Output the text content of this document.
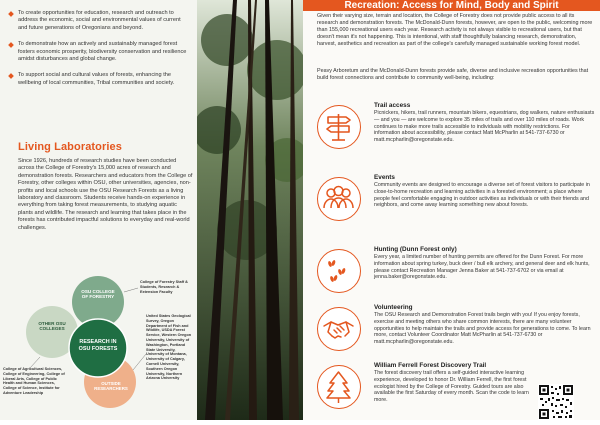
To create opportunities for education, research and outreach to address the economic, social and environmental values of current and future generations of Oregonians and beyond.
To demonstrate how an actively and sustainably managed forest fosters economic prosperity, biodiversity conservation and resilience amidst disturbances and global change.
To support social and cultural values of forests, enhancing the wellbeing of local communities, Tribal communities and society.
Living Laboratories
Since 1926, hundreds of research studies have been conducted across the College of Forestry's 15,000 acres of research and demonstration forests. Researchers and educators from the College of Forestry, other colleges within OSU, other universities, agencies, non-profits and local schools use the OSU Research Forests as a living laboratory and classroom. Students receive hands-on experience in everything from taking forest measurements, to studying aquatic plants and wildlife. The research and learning that takes place in the forests has contributed impactful solutions to everyday and real-world challenges.
OSU COLLEGE OF FORESTRY
OTHER OSU COLLEGES
RESEARCH IN OSU FORESTS
OUTSIDE RESEARCHERS
College of Forestry Staff & Students, Research & Extension Faculty
United States Geological Survey, Oregon Department of Fish and Wildlife, USDA Forest Service, Western Oregon University, University of Washington, Portland State University, University of Montana, University of Calgary, Cornell University, Southern Oregon University, Northern Arizona University
College of Agricultural Sciences, College of Engineering, College of Liberal Arts, College of Public Health and Human Sciences, College of Science, Institute for Adventure Leadership
Recreation: Access for Mind, Body and Spirit
Given their varying size, terrain and location, the College of Forestry does not provide public access to all its research and demonstration forests. The McDonald-Dunn forests, however, are open to the public, welcoming more than 155,000 recreational users each year. Research activity is not always visible to recreational users, but that doesn't mean it's not happening. This is intentional, with staff thoughtfully balancing research, demonstration, harvest, aesthetics and recreation as part of the college's carefully managed sustainable working forest model.
Peavy Arboretum and the McDonald-Dunn forests provide safe, diverse and inclusive recreation opportunities that build forest connections and contribute to community well-being, including:
Trail access
Picnickers, hikers, trail runners, mountain bikers, equestrians, dog walkers, nature enthusiasts — and you — are welcome to explore 35 miles of trails and over 110 miles of roads. Work continues to make more trails accessible to individuals with mobility restrictions. For information about accessibility, please contact Matt McPharlin at 541-737-6730 or matt.mcpharlin@oregonstate.edu.
Events
Community events are designed to encourage a diverse set of forest visitors to participate in close-to-home recreation and learning activities in a forested environment; a place where people feel comfortable engaging in outdoor activities as individuals or with their friends and neighbors, and come away learning something new about forests.
Hunting (Dunn Forest only)
Every year, a limited number of hunting permits are offered for the Dunn Forest. For more information about spring turkey, buck deer / bull elk archery, and general deer and elk hunts, please contact Recreation Manager Jenna Baker at 541-737-6702 or via email at jenna.baker@oregonstate.edu.
Volunteering
The OSU Research and Demonstration Forest trails begin with you! If you enjoy forests, exercise and meeting others who share common interests, there are many volunteer opportunities to help maintain the trails and provide access for generations to come. To learn more, contact Volunteer Coordinator Matt McPharlin at 541-737-6730 or matt.mcpharlin@oregonstate.edu.
William Ferrell Forest Discovery Trail
The forest discovery trail offers a self-guided interactive learning experience, developed to honor Dr. William Ferrell, the first forest ecologist hired by the College of Forestry. Guided tours are also available the first Saturday of every month. Scan the code to learn more.
